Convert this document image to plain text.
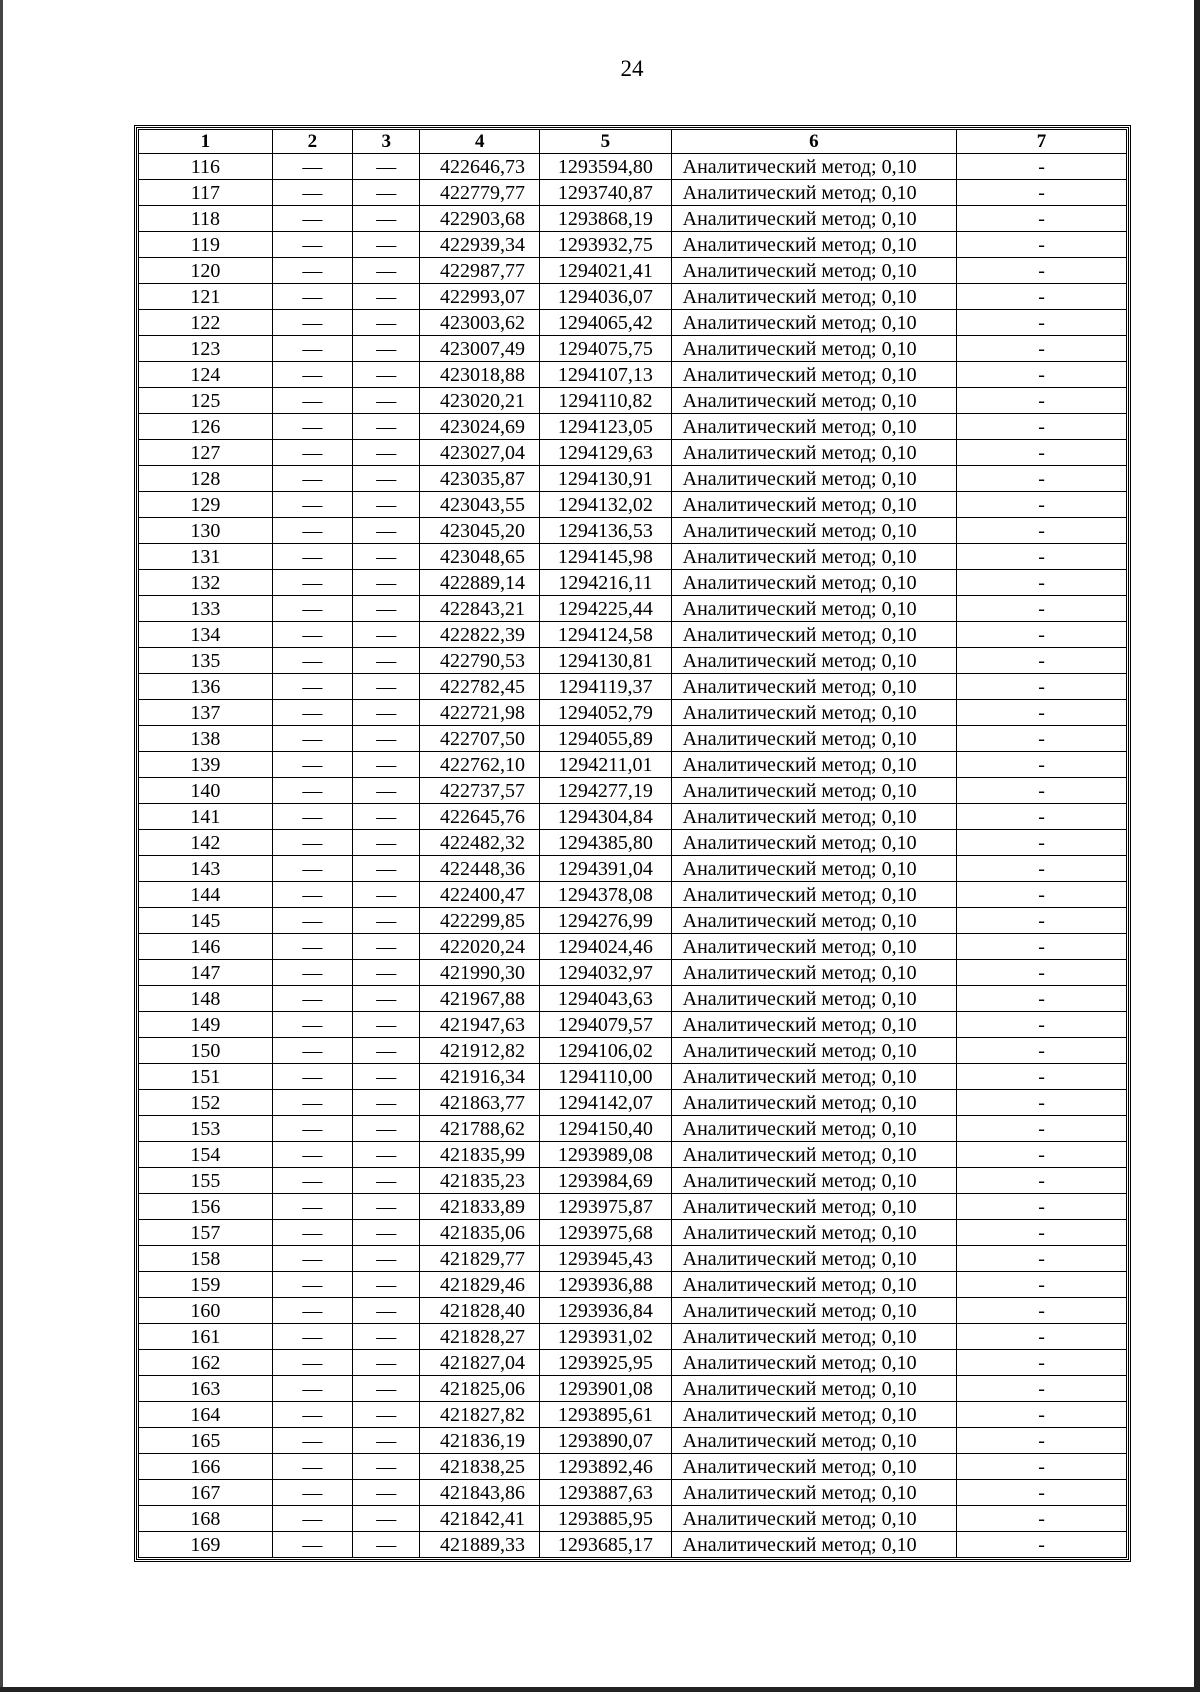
24
1	2	3	4	5	6	7
116	—	—	422646,73	1293594,80	Аналитический метод; 0,10	-
117	—	—	422779,77	1293740,87	Аналитический метод; 0,10	-
118	—	—	422903,68	1293868,19	Аналитический метод; 0,10	-
119	—	—	422939,34	1293932,75	Аналитический метод; 0,10	-
120	—	—	422987,77	1294021,41	Аналитический метод; 0,10	-
121	—	—	422993,07	1294036,07	Аналитический метод; 0,10	-
122	—	—	423003,62	1294065,42	Аналитический метод; 0,10	-
123	—	—	423007,49	1294075,75	Аналитический метод; 0,10	-
124	—	—	423018,88	1294107,13	Аналитический метод; 0,10	-
125	—	—	423020,21	1294110,82	Аналитический метод; 0,10	-
126	—	—	423024,69	1294123,05	Аналитический метод; 0,10	-
127	—	—	423027,04	1294129,63	Аналитический метод; 0,10	-
128	—	—	423035,87	1294130,91	Аналитический метод; 0,10	-
129	—	—	423043,55	1294132,02	Аналитический метод; 0,10	-
130	—	—	423045,20	1294136,53	Аналитический метод; 0,10	-
131	—	—	423048,65	1294145,98	Аналитический метод; 0,10	-
132	—	—	422889,14	1294216,11	Аналитический метод; 0,10	-
133	—	—	422843,21	1294225,44	Аналитический метод; 0,10	-
134	—	—	422822,39	1294124,58	Аналитический метод; 0,10	-
135	—	—	422790,53	1294130,81	Аналитический метод; 0,10	-
136	—	—	422782,45	1294119,37	Аналитический метод; 0,10	-
137	—	—	422721,98	1294052,79	Аналитический метод; 0,10	-
138	—	—	422707,50	1294055,89	Аналитический метод; 0,10	-
139	—	—	422762,10	1294211,01	Аналитический метод; 0,10	-
140	—	—	422737,57	1294277,19	Аналитический метод; 0,10	-
141	—	—	422645,76	1294304,84	Аналитический метод; 0,10	-
142	—	—	422482,32	1294385,80	Аналитический метод; 0,10	-
143	—	—	422448,36	1294391,04	Аналитический метод; 0,10	-
144	—	—	422400,47	1294378,08	Аналитический метод; 0,10	-
145	—	—	422299,85	1294276,99	Аналитический метод; 0,10	-
146	—	—	422020,24	1294024,46	Аналитический метод; 0,10	-
147	—	—	421990,30	1294032,97	Аналитический метод; 0,10	-
148	—	—	421967,88	1294043,63	Аналитический метод; 0,10	-
149	—	—	421947,63	1294079,57	Аналитический метод; 0,10	-
150	—	—	421912,82	1294106,02	Аналитический метод; 0,10	-
151	—	—	421916,34	1294110,00	Аналитический метод; 0,10	-
152	—	—	421863,77	1294142,07	Аналитический метод; 0,10	-
153	—	—	421788,62	1294150,40	Аналитический метод; 0,10	-
154	—	—	421835,99	1293989,08	Аналитический метод; 0,10	-
155	—	—	421835,23	1293984,69	Аналитический метод; 0,10	-
156	—	—	421833,89	1293975,87	Аналитический метод; 0,10	-
157	—	—	421835,06	1293975,68	Аналитический метод; 0,10	-
158	—	—	421829,77	1293945,43	Аналитический метод; 0,10	-
159	—	—	421829,46	1293936,88	Аналитический метод; 0,10	-
160	—	—	421828,40	1293936,84	Аналитический метод; 0,10	-
161	—	—	421828,27	1293931,02	Аналитический метод; 0,10	-
162	—	—	421827,04	1293925,95	Аналитический метод; 0,10	-
163	—	—	421825,06	1293901,08	Аналитический метод; 0,10	-
164	—	—	421827,82	1293895,61	Аналитический метод; 0,10	-
165	—	—	421836,19	1293890,07	Аналитический метод; 0,10	-
166	—	—	421838,25	1293892,46	Аналитический метод; 0,10	-
167	—	—	421843,86	1293887,63	Аналитический метод; 0,10	-
168	—	—	421842,41	1293885,95	Аналитический метод; 0,10	-
169	—	—	421889,33	1293685,17	Аналитический метод; 0,10	-
